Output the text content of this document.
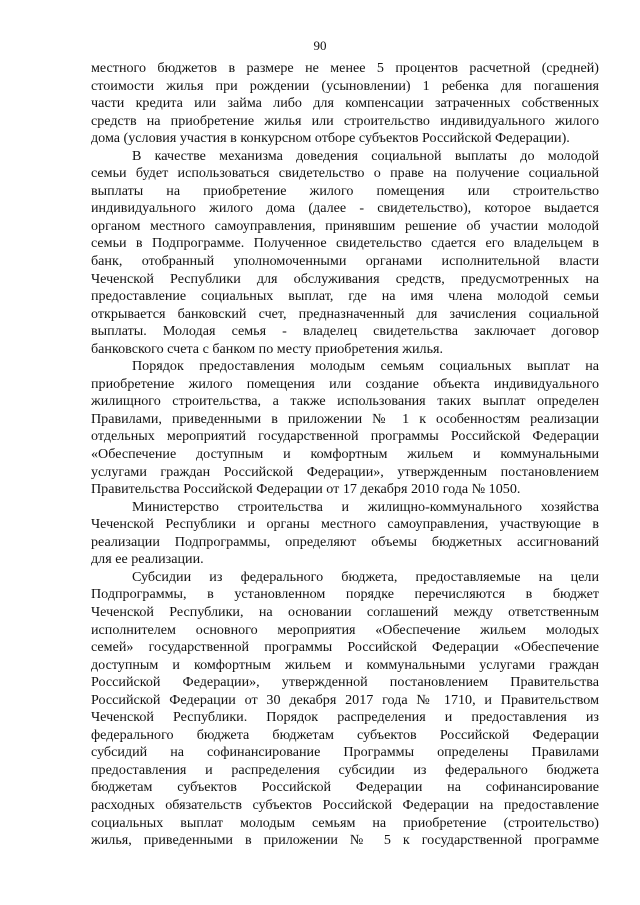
90
местного бюджетов в размере не менее 5 процентов расчетной (средней)
стоимости жилья при рождении (усыновлении) 1 ребенка для погашения
части кредита или займа либо для компенсации затраченных собственных
средств на приобретение жилья или строительство индивидуального жилого
дома (условия участия в конкурсном отборе субъектов Российской Федерации).
В качестве механизма доведения социальной выплаты до молодой
семьи будет использоваться свидетельство о праве на получение социальной
выплаты на приобретение жилого помещения или строительство
индивидуального жилого дома (далее - свидетельство), которое выдается
органом местного самоуправления, принявшим решение об участии молодой
семьи в Подпрограмме. Полученное свидетельство сдается его владельцем в
банк, отобранный уполномоченными органами исполнительной власти
Чеченской Республики для обслуживания средств, предусмотренных на
предоставление социальных выплат, где на имя члена молодой семьи
открывается банковский счет, предназначенный для зачисления социальной
выплаты. Молодая семья - владелец свидетельства заключает договор
банковского счета с банком по месту приобретения жилья.
Порядок предоставления молодым семьям социальных выплат на
приобретение жилого помещения или создание объекта индивидуального
жилищного строительства, а также использования таких выплат определен
Правилами, приведенными в приложении № 1 к особенностям реализации
отдельных мероприятий государственной программы Российской Федерации
«Обеспечение доступным и комфортным жильем и коммунальными
услугами граждан Российской Федерации», утвержденным постановлением
Правительства Российской Федерации от 17 декабря 2010 года № 1050.
Министерство строительства и жилищно-коммунального хозяйства
Чеченской Республики и органы местного самоуправления, участвующие в
реализации Подпрограммы, определяют объемы бюджетных ассигнований
для ее реализации.
Субсидии из федерального бюджета, предоставляемые на цели
Подпрограммы, в установленном порядке перечисляются в бюджет
Чеченской Республики, на основании соглашений между ответственным
исполнителем основного мероприятия «Обеспечение жильем молодых
семей» государственной программы Российской Федерации «Обеспечение
доступным и комфортным жильем и коммунальными услугами граждан
Российской Федерации», утвержденной постановлением Правительства
Российской Федерации от 30 декабря 2017 года № 1710, и Правительством
Чеченской Республики. Порядок распределения и предоставления из
федерального бюджета бюджетам субъектов Российской Федерации
субсидий на софинансирование Программы определены Правилами
предоставления и распределения субсидии из федерального бюджета
бюджетам субъектов Российской Федерации на софинансирование
расходных обязательств субъектов Российской Федерации на предоставление
социальных выплат молодым семьям на приобретение (строительство)
жилья, приведенными в приложении № 5 к государственной программе
